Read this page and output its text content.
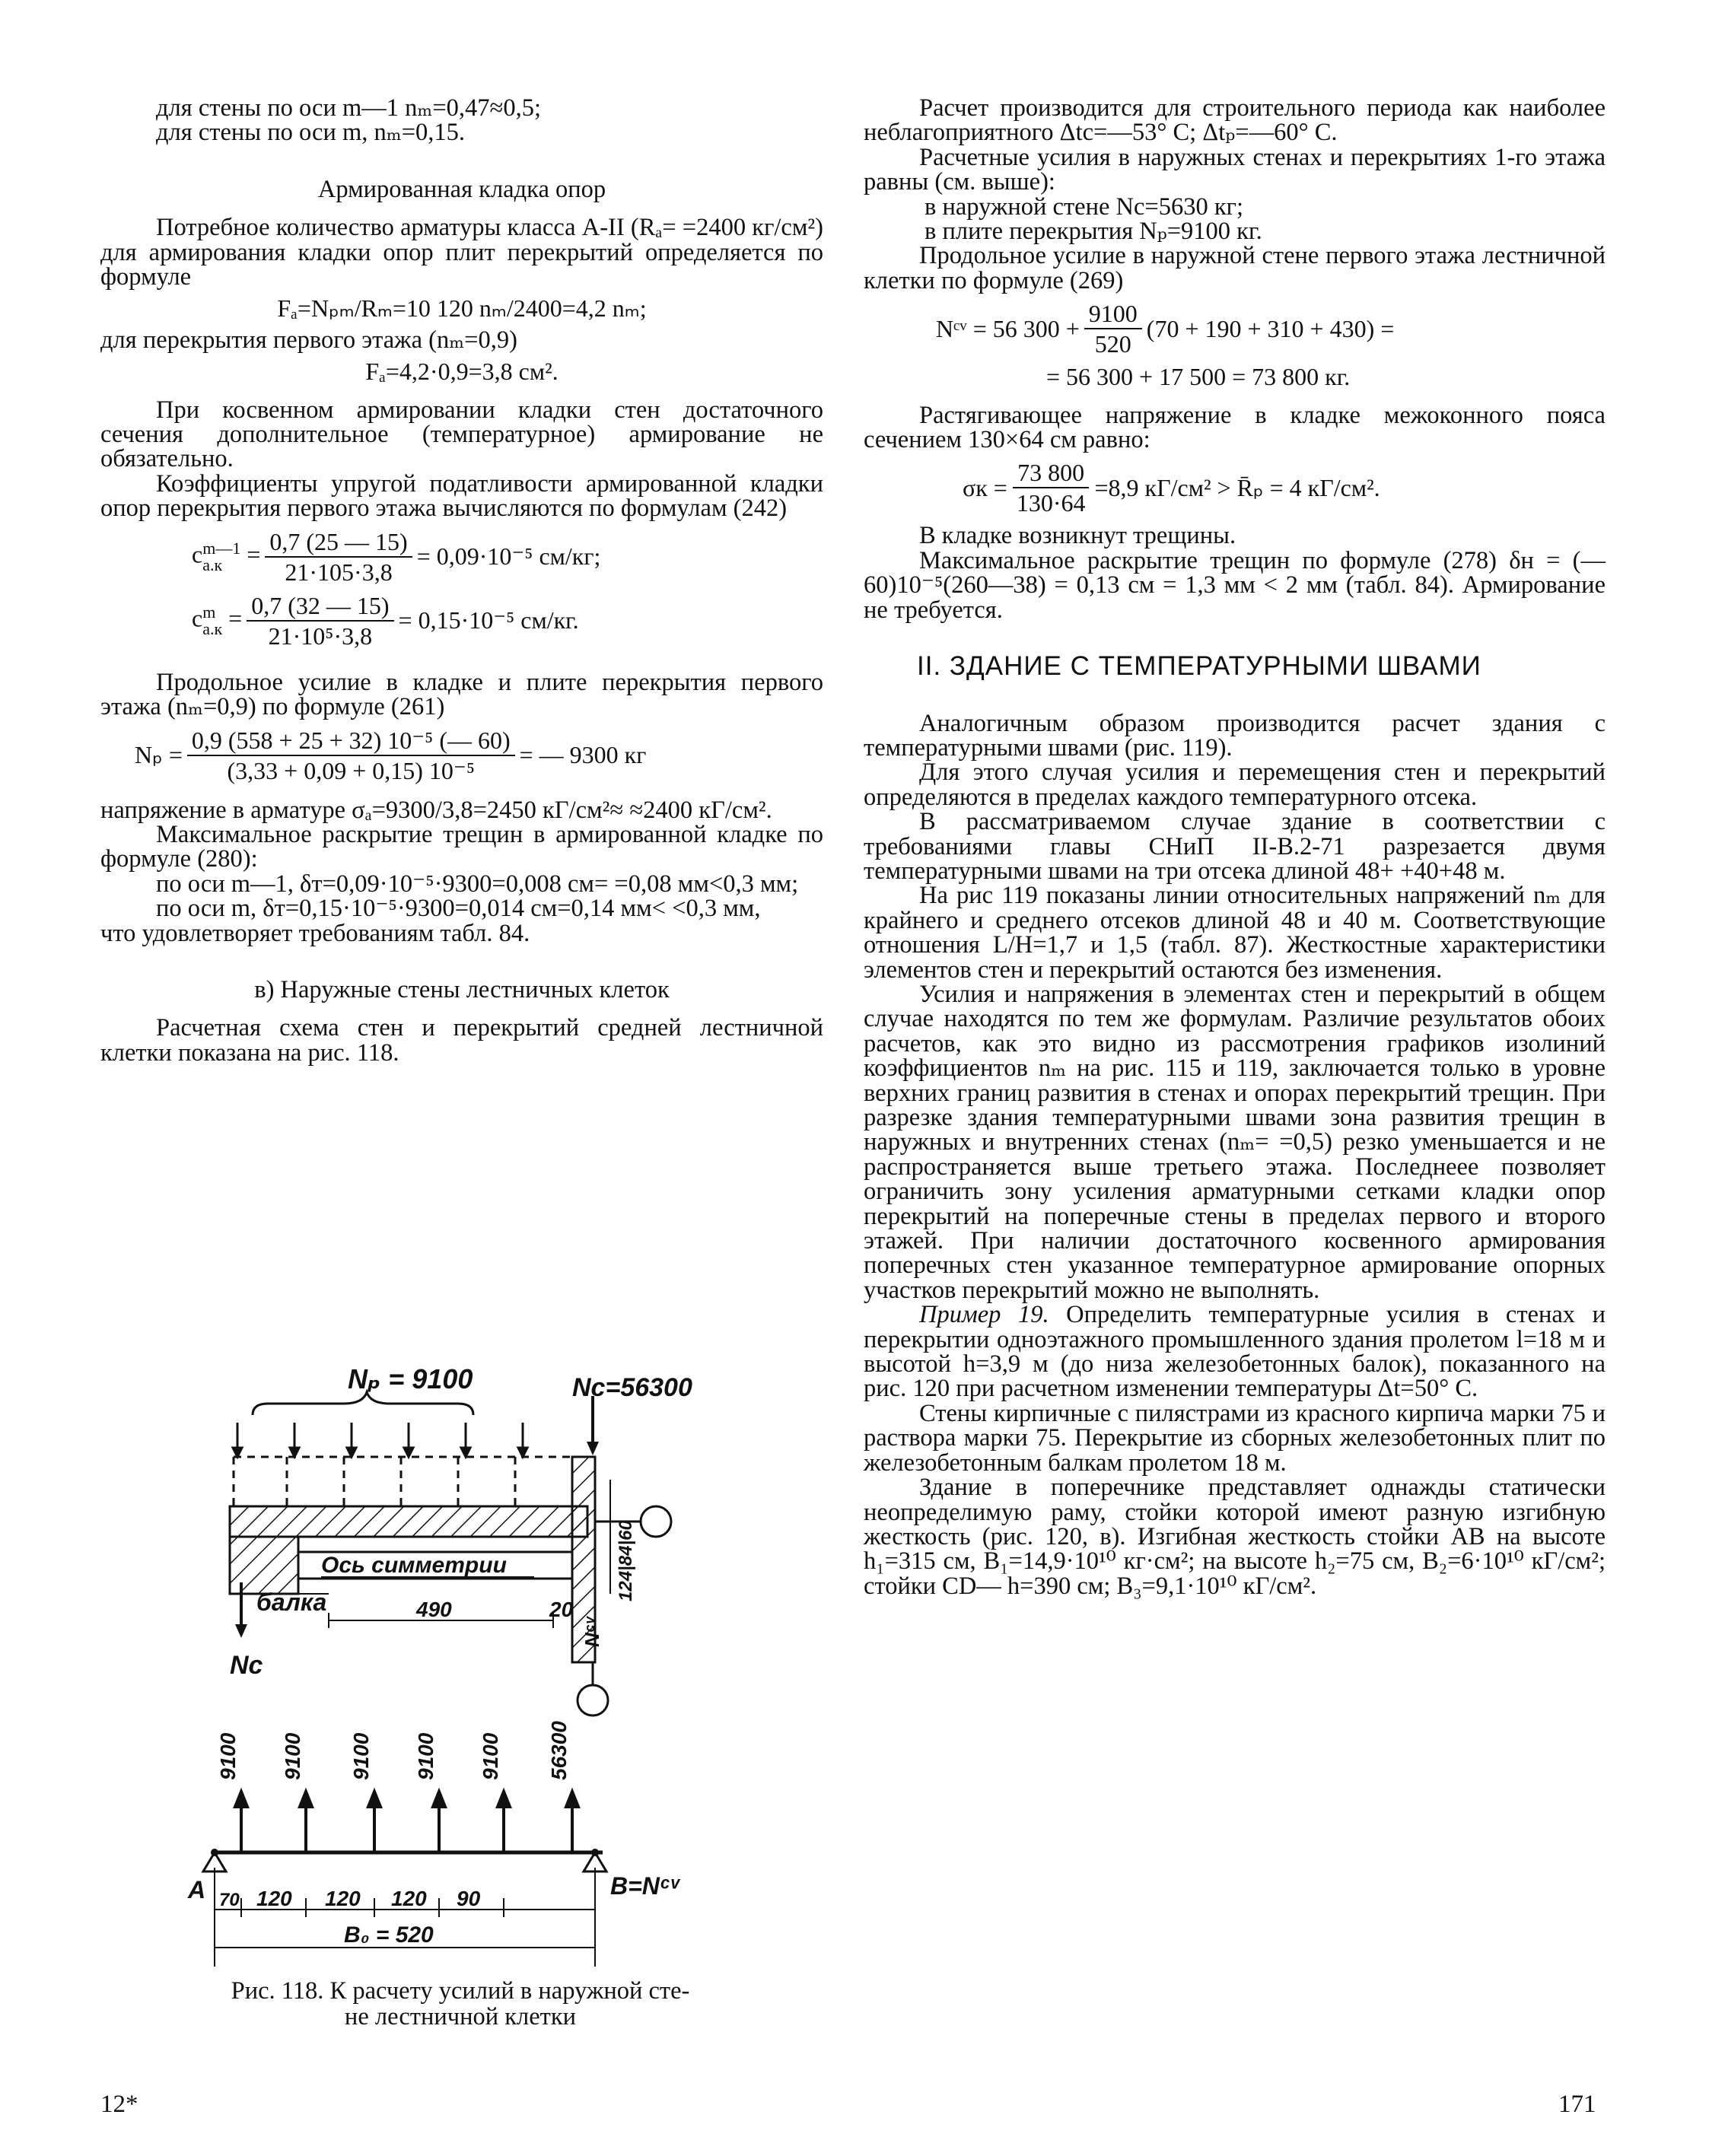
для стены по оси m—1 nₘ=0,47≈0,5;

для стены по оси m, nₘ=0,15.

Армированная кладка опор

Потребное количество арматуры класса A-II (Rₐ= =2400 кг/см²) для армирования кладки опор плит перекрытий определяется по формуле

Fₐ=Nₚₘ/Rₘ=10 120 nₘ/2400=4,2 nₘ;

для перекрытия первого этажа (nₘ=0,9)

Fₐ=4,2·0,9=3,8 см².

При косвенном армировании кладки стен достаточного сечения дополнительное (температурное) армирование не обязательно.

Коэффициенты упругой податливости армированной кладки опор перекрытия первого этажа вычисляются по формулам (242)

c m—1
$а.к = \frac{0,7 (25 — 15)}{21\cdot 105\cdot 3,8} = 0,09\cdot 10^{-5}$ см/кг;
c m
$а.к = \frac{0,7 (32 — 15)}{\text{21·10⁵·3,8}} = 0,15\cdot 10^{-5}$ см/кг.

Продольное усилие в кладке и плите перекрытия первого этажа (nₘ=0,9) по формуле (261)

$N_p = \frac{\text{0,9 (558 + 25 + 32) 10⁻⁵ (— 60)}}{\text{(3,33 + 0,09 + 0,15) 10⁻⁵}}$ = — 9300 кг

напряжение в арматуре σₐ=9300/3,8=2450 кГ/см²≈ ≈2400 кГ/см².

Максимальное раскрытие трещин в армированной кладке по формуле (280):

по оси m—1, δт=0,09·10⁻⁵·9300=0,008 см= =0,08 мм<0,3 мм;

по оси m, δт=0,15·10⁻⁵·9300=0,014 см=0,14 мм< <0,3 мм,

что удовлетворяет требованиям табл. 84.

в) Наружные стены лестничных клеток

Расчетная схема стен и перекрытий средней лестничной клетки показана на рис. 118.

Nₚ = 9100	Nc=56300
124|84|60
Ось симметрии
балка
Nc
490	20
Nᶜᵛ
9100 9100 9100 9100 9100 56300
A	B=Nᶜᵛ
70 120 120 120 90
B₀ = 520
Рис. 118. К расчету усилий в наружной сте-
не лестничной клетки

Расчет производится для строительного периода как наиболее неблагоприятного Δtc=—53° C; Δtₚ=—60° C.

Расчетные усилия в наружных стенах и перекрытиях 1-го этажа равны (см. выше):

в наружной стене Nc=5630 кг;

в плите перекрытия Nₚ=9100 кг.

Продольное усилие в наружной стене первого этажа лестничной клетки по формуле (269)

Nᶜᵛ = 56 $300 + \frac{9100}{520} (70 + 190 + 310 + 430)$ =

= 56 300 + 17 500 = 73 800 кг.

Растягивающее напряжение в кладке межоконного пояса сечением 130×64 см равно:

$\sigma к = \frac{73 800}{130\cdot 64} =8,9$ кГ/см² > R̄ₚ = 4 кГ/см².

В кладке возникнут трещины.

Максимальное раскрытие трещин по формуле (278) δн = (—60)10⁻⁵(260—38) = 0,13 см = 1,3 мм < 2 мм (табл. 84). Армирование не требуется.

II. ЗДАНИЕ С ТЕМПЕРАТУРНЫМИ ШВАМИ

Аналогичным образом производится расчет здания с температурными швами (рис. 119).

Для этого случая усилия и перемещения стен и перекрытий определяются в пределах каждого температурного отсека.

В рассматриваемом случае здание в соответствии с требованиями главы СНиП II-В.2-71 разрезается двумя температурными швами на три отсека длиной 48+ +40+48 м.

На рис 119 показаны линии относительных напряжений nₘ для крайнего и среднего отсеков длиной 48 и 40 м. Соответствующие отношения L/H=1,7 и 1,5 (табл. 87). Жесткостные характеристики элементов стен и перекрытий остаются без изменения.

Усилия и напряжения в элементах стен и перекрытий в общем случае находятся по тем же формулам. Различие результатов обоих расчетов, как это видно из рассмотрения графиков изолиний коэффициентов nₘ на рис. 115 и 119, заключается только в уровне верхних границ развития в стенах и опорах перекрытий трещин. При разрезке здания температурными швами зона развития трещин в наружных и внутренних стенах (nₘ= =0,5) резко уменьшается и не распространяется выше третьего этажа. Последнеее позволяет ограничить зону усиления арматурными сетками кладки опор перекрытий на поперечные стены в пределах первого и второго этажей. При наличии достаточного косвенного армирования поперечных стен указанное температурное армирование опорных участков перекрытий можно не выполнять.

Пример 19. Определить температурные усилия в стенах и перекрытии одноэтажного промышленного здания пролетом l=18 м и высотой h=3,9 м (до низа железобетонных балок), показанного на рис. 120 при расчетном изменении температуры Δt=50° C.

Стены кирпичные с пилястрами из красного кирпича марки 75 и раствора марки 75. Перекрытие из сборных железобетонных плит по железобетонным балкам пролетом 18 м.

Здание в поперечнике представляет однажды статически неопределимую раму, стойки которой имеют разную изгибную жесткость (рис. 120, в). Изгибная жесткость стойки AB на высоте h₁=315 см, B₁=14,9·10¹⁰ кг·см²; на высоте h₂=75 см, B₂=6·10¹⁰ кГ/см²; стойки CD— h=390 см; B₃=9,1·10¹⁰ кГ/см².

12*	171
